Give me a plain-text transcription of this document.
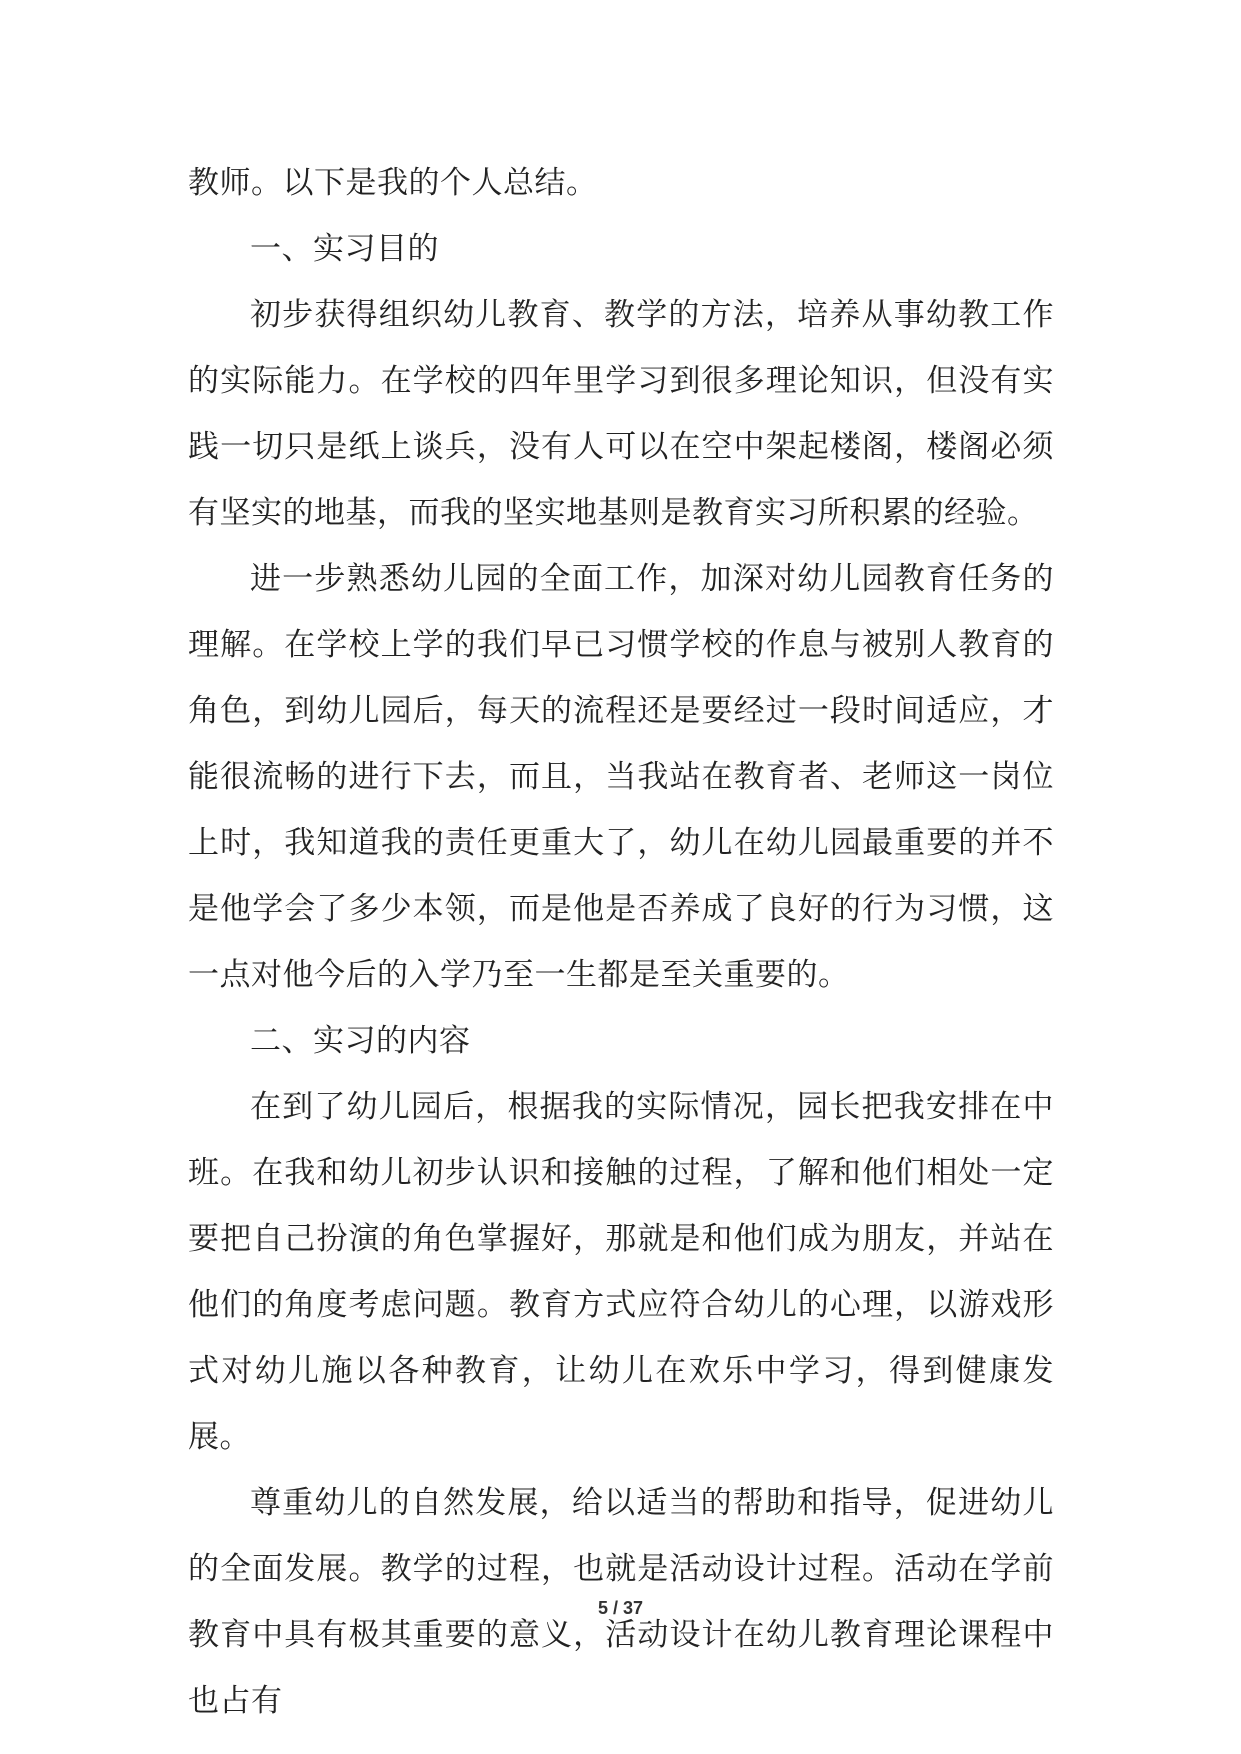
教师。以下是我的个人总结。

一、实习目的

初步获得组织幼儿教育、教学的方法，培养从事幼教工作的实际能力。在学校的四年里学习到很多理论知识，但没有实践一切只是纸上谈兵，没有人可以在空中架起楼阁，楼阁必须有坚实的地基，而我的坚实地基则是教育实习所积累的经验。

进一步熟悉幼儿园的全面工作，加深对幼儿园教育任务的理解。在学校上学的我们早已习惯学校的作息与被别人教育的角色，到幼儿园后，每天的流程还是要经过一段时间适应，才能很流畅的进行下去，而且，当我站在教育者、老师这一岗位上时，我知道我的责任更重大了，幼儿在幼儿园最重要的并不是他学会了多少本领，而是他是否养成了良好的行为习惯，这一点对他今后的入学乃至一生都是至关重要的。

二、实习的内容

在到了幼儿园后，根据我的实际情况，园长把我安排在中班。在我和幼儿初步认识和接触的过程，了解和他们相处一定要把自己扮演的角色掌握好，那就是和他们成为朋友，并站在他们的角度考虑问题。教育方式应符合幼儿的心理，以游戏形式对幼儿施以各种教育，让幼儿在欢乐中学习，得到健康发展。

尊重幼儿的自然发展，给以适当的帮助和指导，促进幼儿的全面发展。教学的过程，也就是活动设计过程。活动在学前教育中具有极其重要的意义，活动设计在幼儿教育理论课程中也占有

5 / 37
